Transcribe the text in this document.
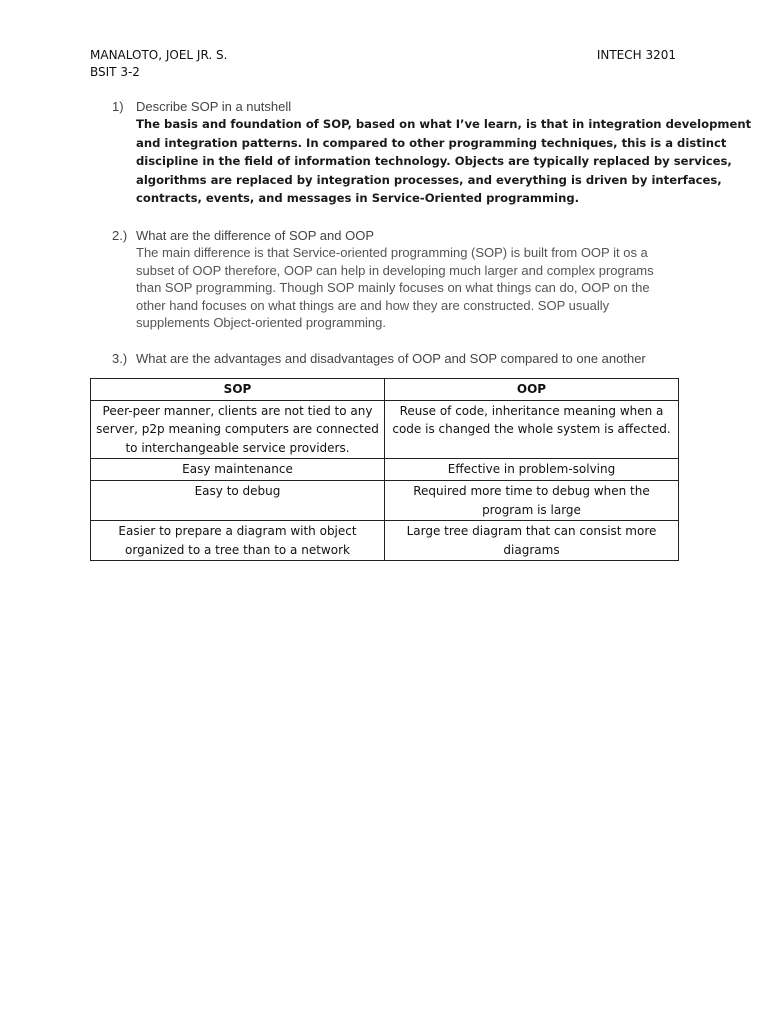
MANALOTO, JOEL JR. S.
BSIT 3-2
INTECH 3201
1) Describe SOP in a nutshell
The basis and foundation of SOP, based on what I’ve learn, is that in integration development
and integration patterns. In compared to other programming techniques, this is a distinct
discipline in the field of information technology. Objects are typically replaced by services,
algorithms are replaced by integration processes, and everything is driven by interfaces,
contracts, events, and messages in Service-Oriented programming.
2.) What are the difference of SOP and OOP
The main difference is that Service-oriented programming (SOP) is built from OOP it os a
subset of OOP therefore, OOP can help in developing much larger and complex programs
than SOP programming. Though SOP mainly focuses on what things can do, OOP on the
other hand focuses on what things are and how they are constructed. SOP usually
supplements Object-oriented programming.
3.) What are the advantages and disadvantages of OOP and SOP compared to one another
SOP	OOP
Peer-peer manner, clients are not tied to any server, p2p meaning computers are connected to interchangeable service providers.	Reuse of code, inheritance meaning when a code is changed the whole system is affected.
Easy maintenance	Effective in problem-solving
Easy to debug	Required more time to debug when the program is large
Easier to prepare a diagram with object organized to a tree than to a network	Large tree diagram that can consist more diagrams
